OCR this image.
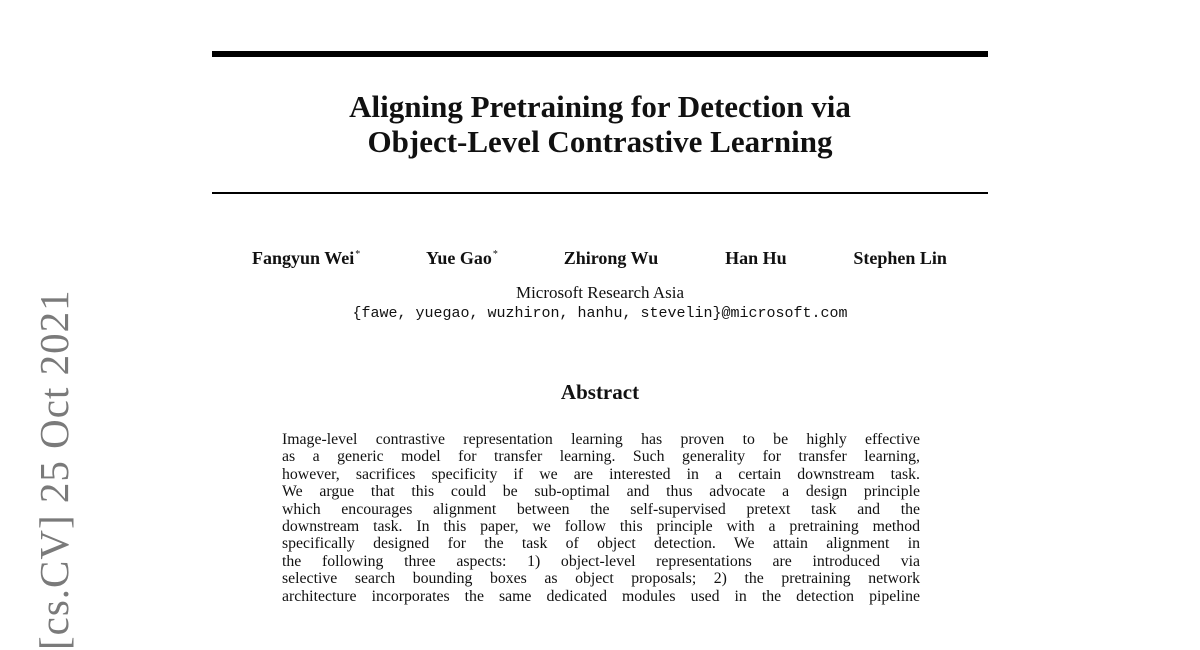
Aligning Pretraining for Detection via

Object-Level Contrastive Learning

Fangyun Wei*	Yue Gao*	Zhirong Wu	Han Hu	Stephen Lin
Microsoft Research Asia
{fawe, yuegao, wuzhiron, hanhu, stevelin}@microsoft.com
Abstract
Image-level contrastive representation learning has proven to be highly effective
as a generic model for transfer learning. Such generality for transfer learning,
however, sacrifices specificity if we are interested in a certain downstream task.
We argue that this could be sub-optimal and thus advocate a design principle
which encourages alignment between the self-supervised pretext task and the
downstream task. In this paper, we follow this principle with a pretraining method
specifically designed for the task of object detection. We attain alignment in
the following three aspects: 1) object-level representations are introduced via
selective search bounding boxes as object proposals; 2) the pretraining network
architecture incorporates the same dedicated modules used in the detection pipeline
[cs.CV] 25 Oct 2021
